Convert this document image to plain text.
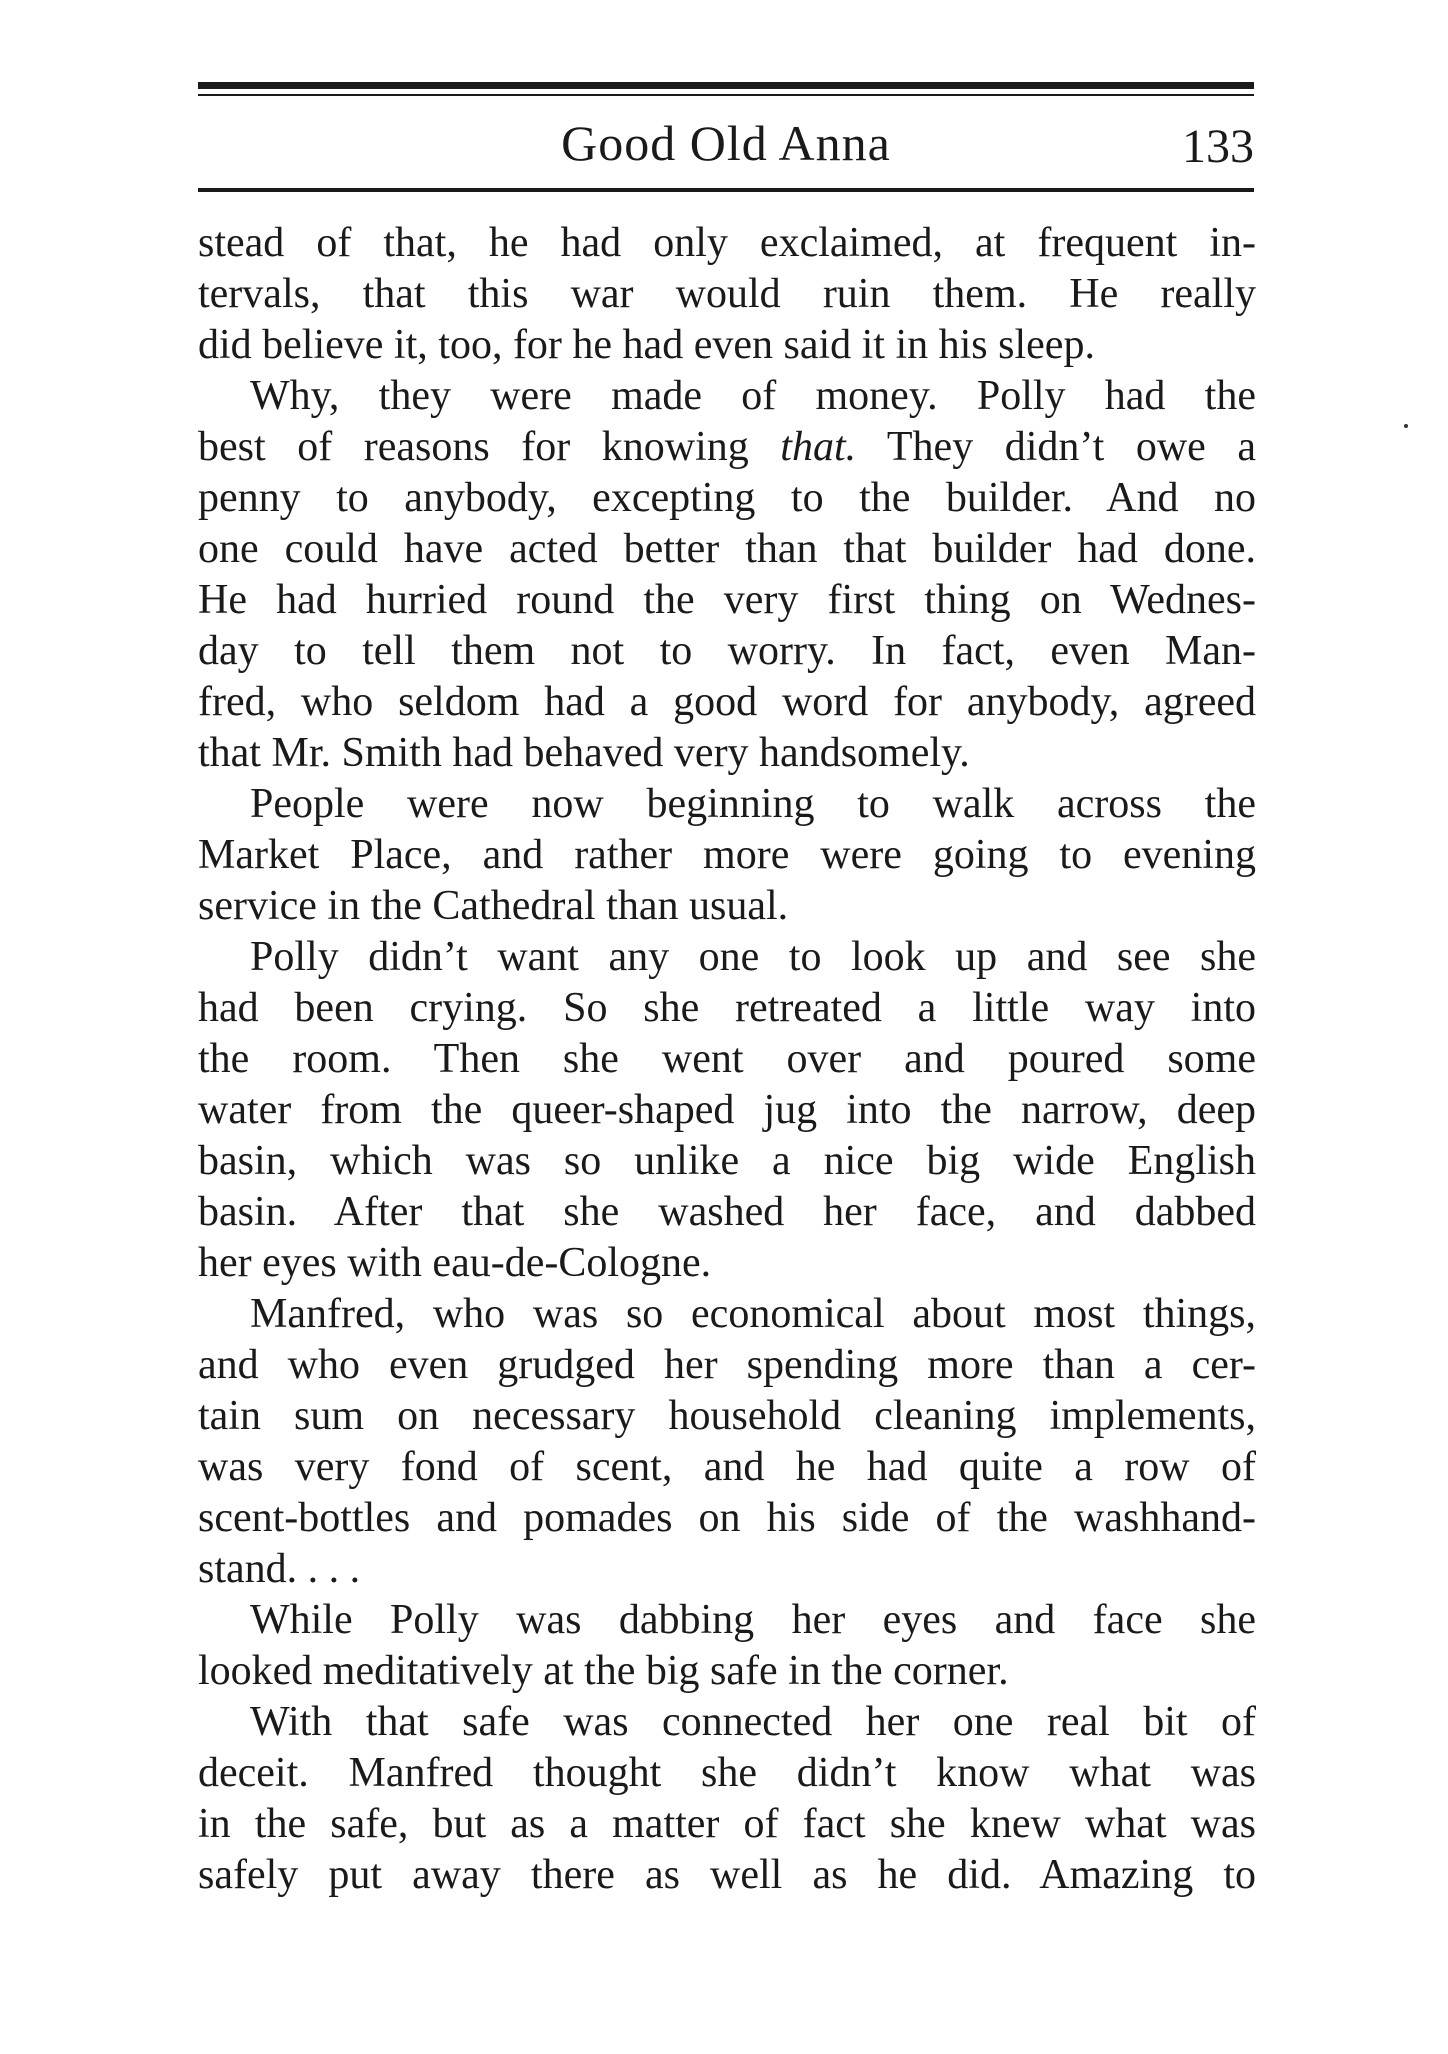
Good Old Anna	133
stead of that, he had only exclaimed, at frequent in-
tervals, that this war would ruin them. He really
did believe it, too, for he had even said it in his sleep.
Why, they were made of money. Polly had the
best of reasons for knowing that. They didn’t owe a
penny to anybody, excepting to the builder. And no
one could have acted better than that builder had done.
He had hurried round the very first thing on Wednes-
day to tell them not to worry. In fact, even Man-
fred, who seldom had a good word for anybody, agreed
that Mr. Smith had behaved very handsomely.
People were now beginning to walk across the
Market Place, and rather more were going to evening
service in the Cathedral than usual.
Polly didn’t want any one to look up and see she
had been crying. So she retreated a little way into
the room. Then she went over and poured some
water from the queer-shaped jug into the narrow, deep
basin, which was so unlike a nice big wide English
basin. After that she washed her face, and dabbed
her eyes with eau-de-Cologne.
Manfred, who was so economical about most things,
and who even grudged her spending more than a cer-
tain sum on necessary household cleaning implements,
was very fond of scent, and he had quite a row of
scent-bottles and pomades on his side of the washhand-
stand. . . .
While Polly was dabbing her eyes and face she
looked meditatively at the big safe in the corner.
With that safe was connected her one real bit of
deceit. Manfred thought she didn’t know what was
in the safe, but as a matter of fact she knew what was
safely put away there as well as he did. Amazing to
